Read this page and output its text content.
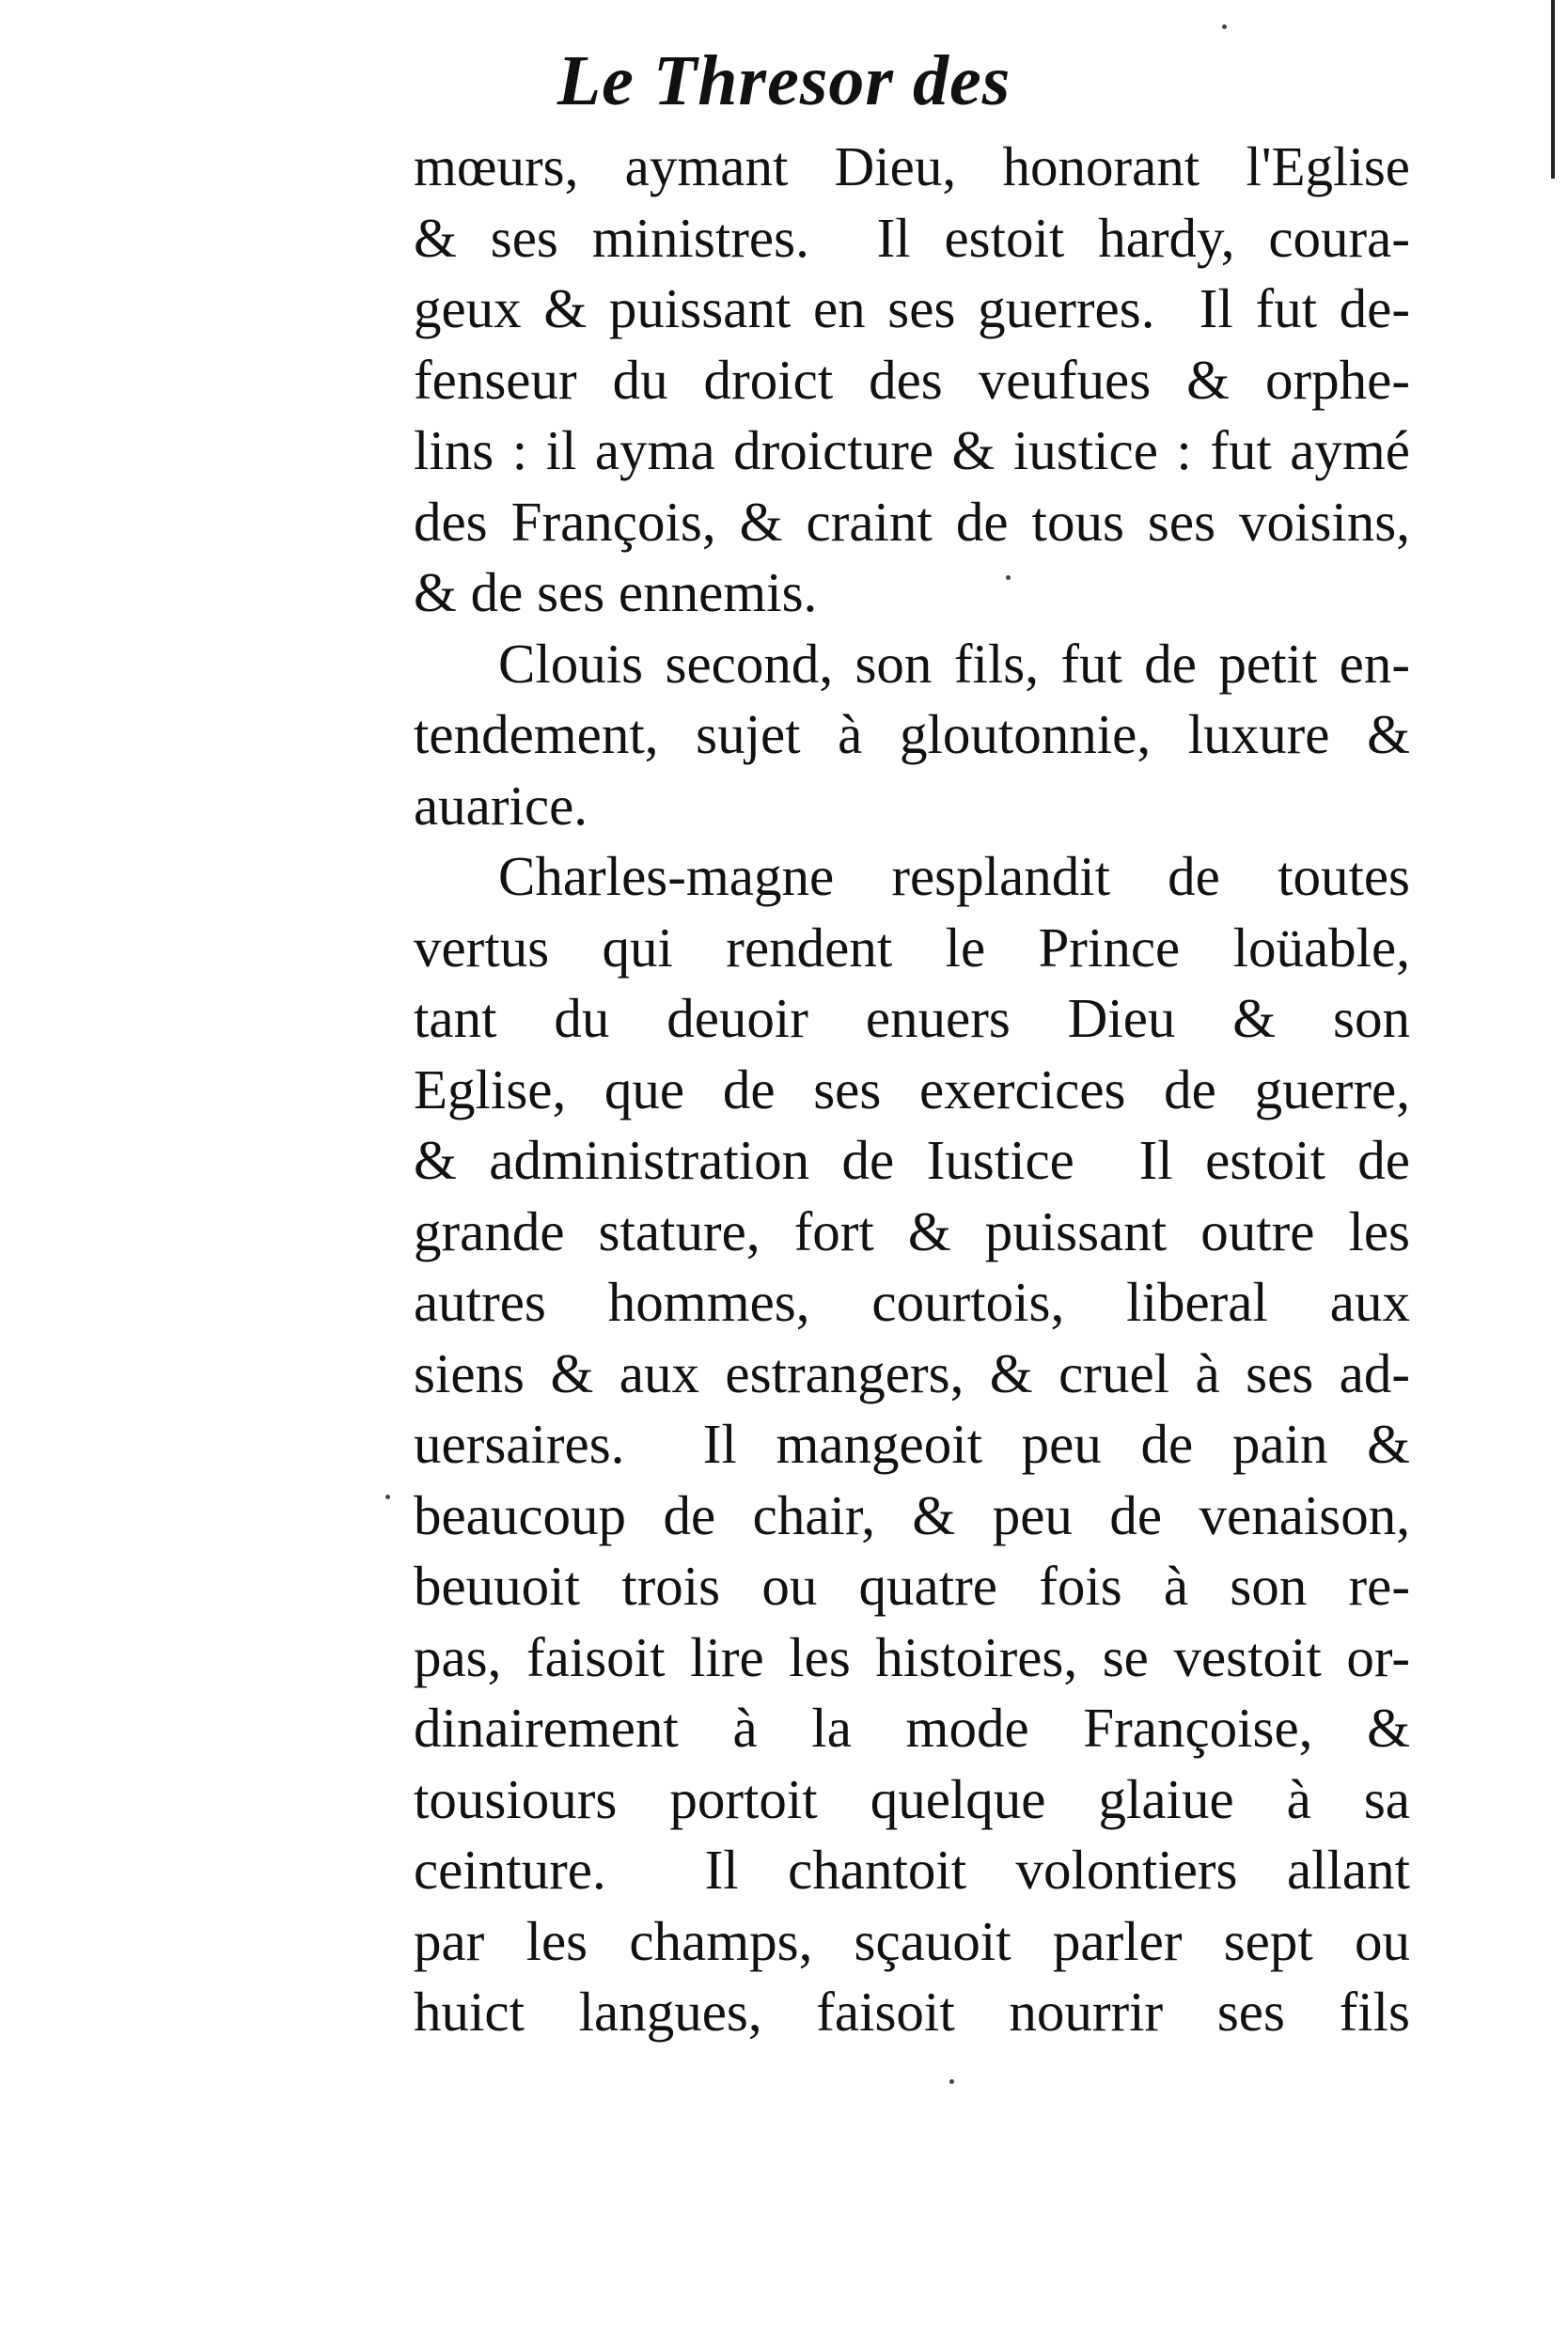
Le Thresor des
mœurs, aymant Dieu, honorant l'Eglise
& ses ministres.  Il estoit hardy, coura-
geux & puissant en ses guerres.  Il fut de-
fenseur du droict des veufues & orphe-
lins : il ayma droicture & iustice : fut aymé
des François, & craint de tous ses voisins,
& de ses ennemis.
Clouis second, son fils, fut de petit en-
tendement, sujet à gloutonnie, luxure &
auarice.
Charles-magne resplandit de toutes
vertus qui rendent le Prince loüable,
tant du deuoir enuers Dieu & son
Eglise, que de ses exercices de guerre,
& administration de Iustice  Il estoit de
grande stature, fort & puissant outre les
autres hommes, courtois, liberal aux
siens & aux estrangers, & cruel à ses ad-
uersaires.  Il mangeoit peu de pain &
beaucoup de chair, & peu de venaison,
beuuoit trois ou quatre fois à son re-
pas, faisoit lire les histoires, se vestoit or-
dinairement à la mode Françoise, &
tousiours portoit quelque glaiue à sa
ceinture.  Il chantoit volontiers allant
par les champs, sçauoit parler sept ou
huict langues, faisoit nourrir ses fils
